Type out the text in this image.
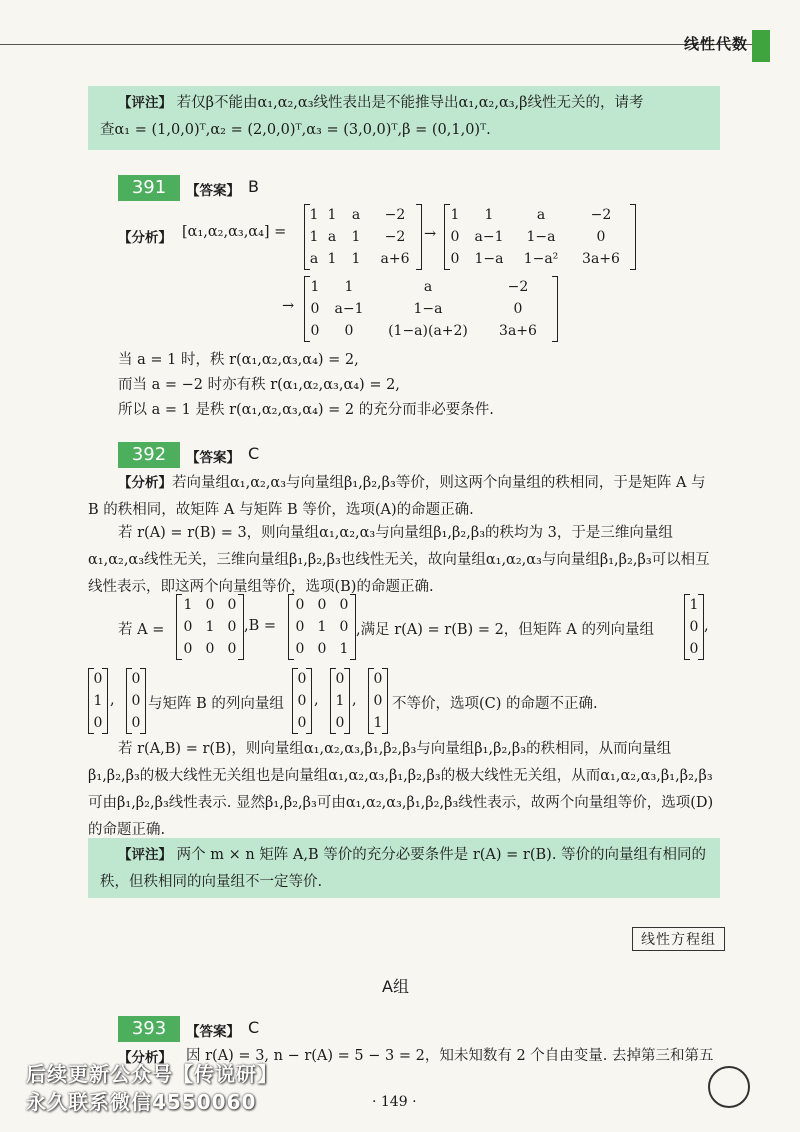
线性代数
【评注】 若仅β不能由α₁,α₂,α₃线性表出是不能推导出α₁,α₂,α₃,β线性无关的，请考
查α₁ = (1,0,0)ᵀ,α₂ = (2,0,0)ᵀ,α₃ = (3,0,0)ᵀ,β = (0,1,0)ᵀ.
391	【答案】 B
【分析】 [α₁,α₂,α₃,α₄] =
1 1	a	−2
1 a	1	−2
a 1	1	a+6
→
1	1	a	−2
0	a−1	1−a	0
0	1−a	1−a²	3a+6
→
1	1	a	−2
0	a−1	1−a	0
0	0	(1−a)(a+2)	3a+6
当 a = 1 时，秩 r(α₁,α₂,α₃,α₄) = 2,
而当 a = −2 时亦有秩 r(α₁,α₂,α₃,α₄) = 2,
所以 a = 1 是秩 r(α₁,α₂,α₃,α₄) = 2 的充分而非必要条件.
392	【答案】 C
【分析】若向量组α₁,α₂,α₃与向量组β₁,β₂,β₃等价，则这两个向量组的秩相同，于是矩阵 A 与 B 的秩相同，故矩阵 A 与矩阵 B 等价，选项(A)的命题正确.
若 r(A) = r(B) = 3，则向量组α₁,α₂,α₃与向量组β₁,β₂,β₃的秩均为 3，于是三维向量组α₁,α₂,α₃线性无关，三维向量组β₁,β₂,β₃也线性无关，故向量组α₁,α₂,α₃与向量组β₁,β₂,β₃可以相互线性表示，即这两个向量组等价，选项(B)的命题正确.
若 A =
1 0 0
0 1 0
0 0 0
,B =
0 0 0
0 1 0
0 0 1
,满足 r(A) = r(B) = 2，但矩阵 A 的列向量组
1
0
0
,
0
1
0
,
0
0
0
与矩阵 B 的列向量组
0
0
0
,
0
1
0
,
0
0
1
不等价，选项(C) 的命题不正确.
若 r(A,B) = r(B)，则向量组α₁,α₂,α₃,β₁,β₂,β₃与向量组β₁,β₂,β₃的秩相同，从而向量组β₁,β₂,β₃的极大线性无关组也是向量组α₁,α₂,α₃,β₁,β₂,β₃的极大线性无关组，从而α₁,α₂,α₃,β₁,β₂,β₃可由β₁,β₂,β₃线性表示. 显然β₁,β₂,β₃可由α₁,α₂,α₃,β₁,β₂,β₃线性表示，故两个向量组等价，选项(D) 的命题正确.
【评注】 两个 m × n 矩阵 A,B 等价的充分必要条件是 r(A) = r(B). 等价的向量组有相同的秩，但秩相同的向量组不一定等价.
线性方程组
A组
393	【答案】 C
【分析】 因 r(A) = 3, n − r(A) = 5 − 3 = 2，知未知数有 2 个自由变量. 去掉第三和第五
· 149 ·
后续更新公众号【传说研】
永久联系微信4550060
